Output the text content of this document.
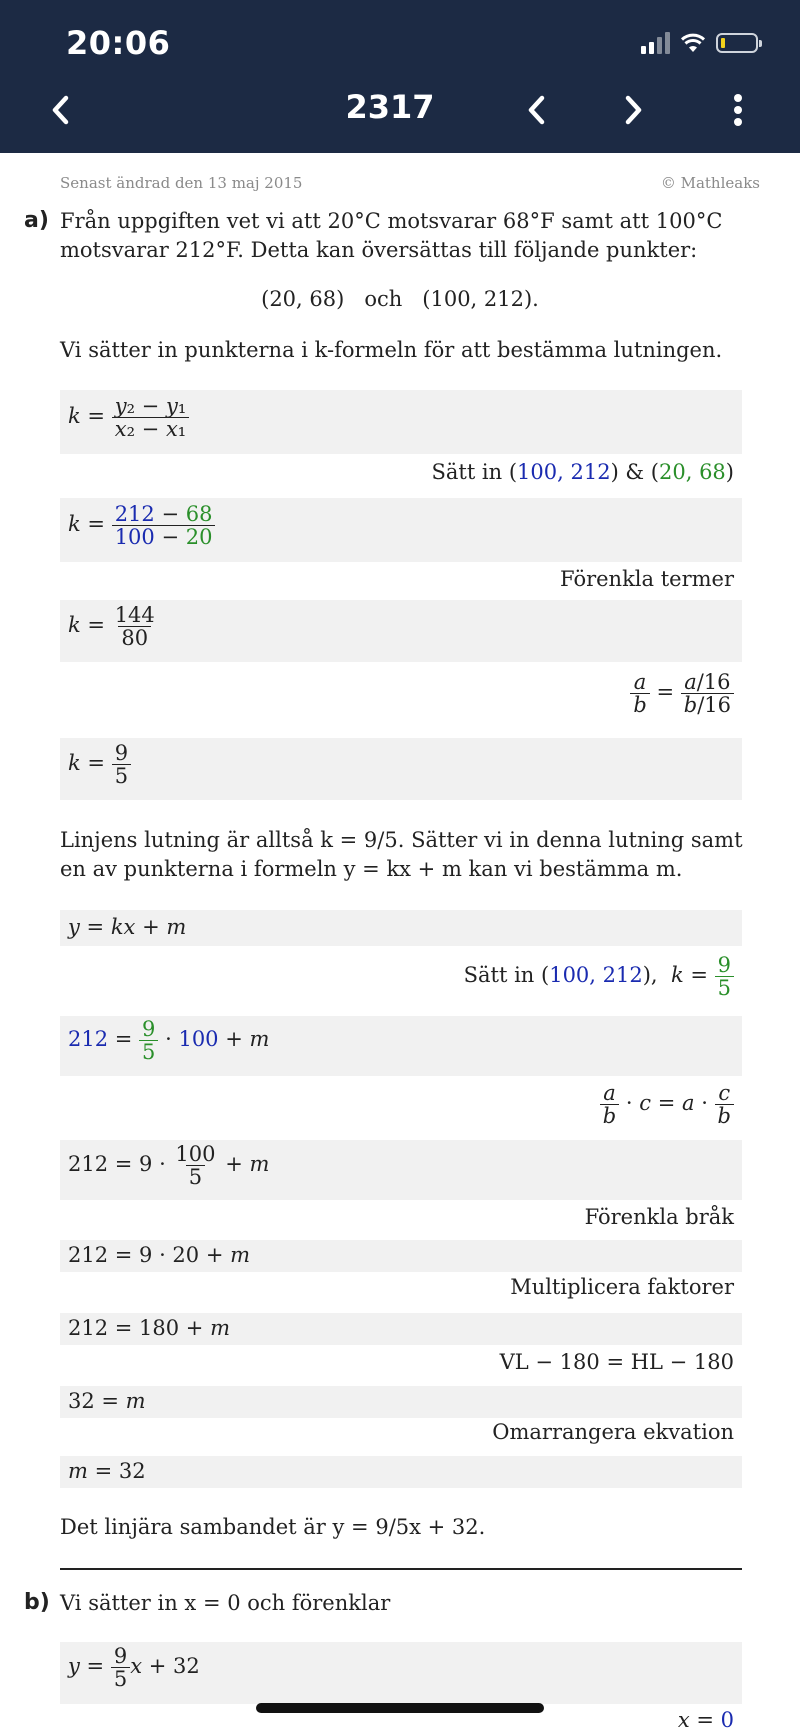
20:06
2317
Senast ändrad den 13 maj 2015	© Mathleaks
a) Från uppgiften vet vi att 20°C motsvarar 68°F samt att 100°C motsvarar 212°F. Detta kan översättas till följande punkter:
(20, 68)   och   (100, 212).
Vi sätter in punkterna i k-formeln för att bestämma lutningen.
$k = \frac{\text{y₂ − y₁}}{\text{x₂ − x₁}}$
Sätt in (100, 212) & (20, 68)
$k = \frac{212 - 68}{100 - 20}$
Förenkla termer
$k = \frac{144}{80}$
$\frac{a}{b} = \frac{a/16}{b/16}$
$k = \frac{9}{5}$
Linjens lutning är alltså k = 9/5. Sätter vi in denna lutning samt en av punkterna i formeln y = kx + m kan vi bestämma m.
y = kx + m
Sätt in (100, 212),  $k = \frac{9}{5}$
$212 = \frac{9}{5} \cdot 100 + m$
$\frac{a}{b} \cdot c = a \cdot \frac{c}{b}$
$212 = 9 \cdot \frac{100}{5} + m$
Förenkla bråk
212 = 9 · 20 + m
Multiplicera faktorer
212 = 180 + m
VL − 180 = HL − 180
32 = m
Omarrangera ekvation
m = 32
Det linjära sambandet är y = 9/5x + 32.
b) Vi sätter in x = 0 och förenklar
$y = \frac{9}{5}$ x + 32
x = 0
